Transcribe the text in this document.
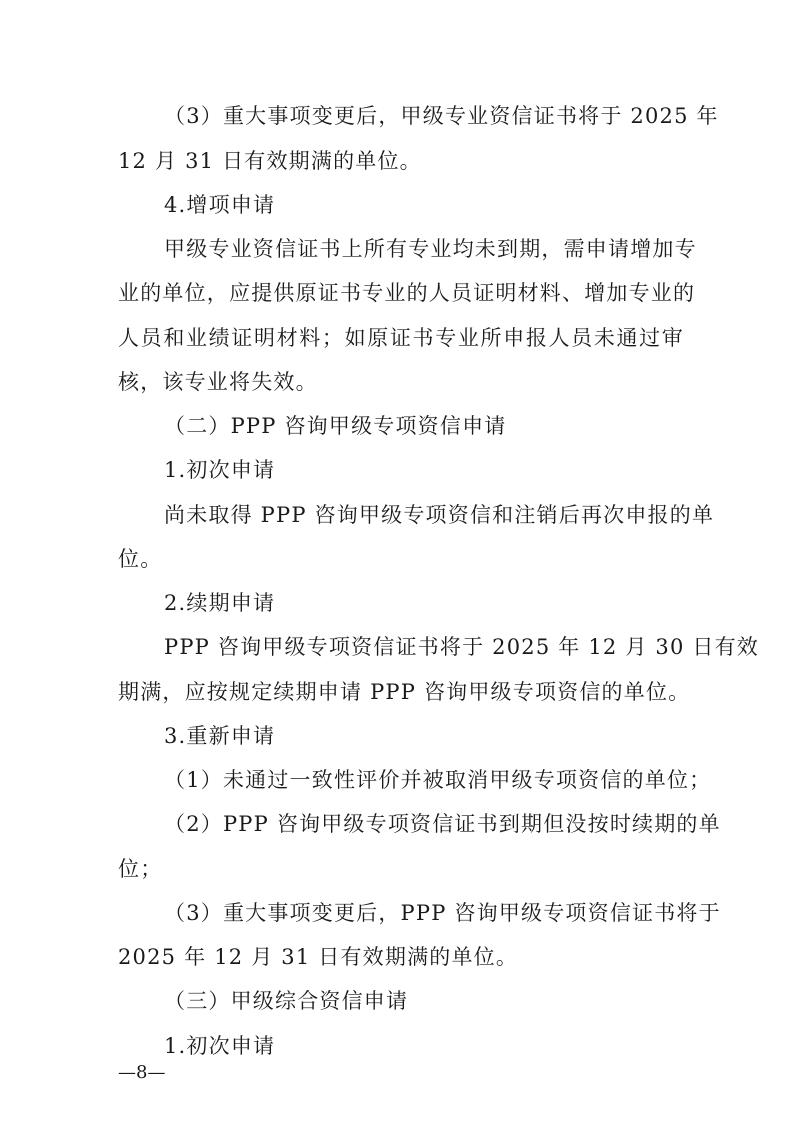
（3）重大事项变更后，甲级专业资信证书将于 2025 年
12 月 31 日有效期满的单位。
4.增项申请
甲级专业资信证书上所有专业均未到期，需申请增加专
业的单位，应提供原证书专业的人员证明材料、增加专业的
人员和业绩证明材料；如原证书专业所申报人员未通过审
核，该专业将失效。
（二）PPP 咨询甲级专项资信申请
1.初次申请
尚未取得 PPP 咨询甲级专项资信和注销后再次申报的单
位。
2.续期申请
PPP 咨询甲级专项资信证书将于 2025 年 12 月 30 日有效
期满，应按规定续期申请 PPP 咨询甲级专项资信的单位。
3.重新申请
（1）未通过一致性评价并被取消甲级专项资信的单位；
（2）PPP 咨询甲级专项资信证书到期但没按时续期的单
位；
（3）重大事项变更后，PPP 咨询甲级专项资信证书将于
2025 年 12 月 31 日有效期满的单位。
（三）甲级综合资信申请
1.初次申请
—8—
